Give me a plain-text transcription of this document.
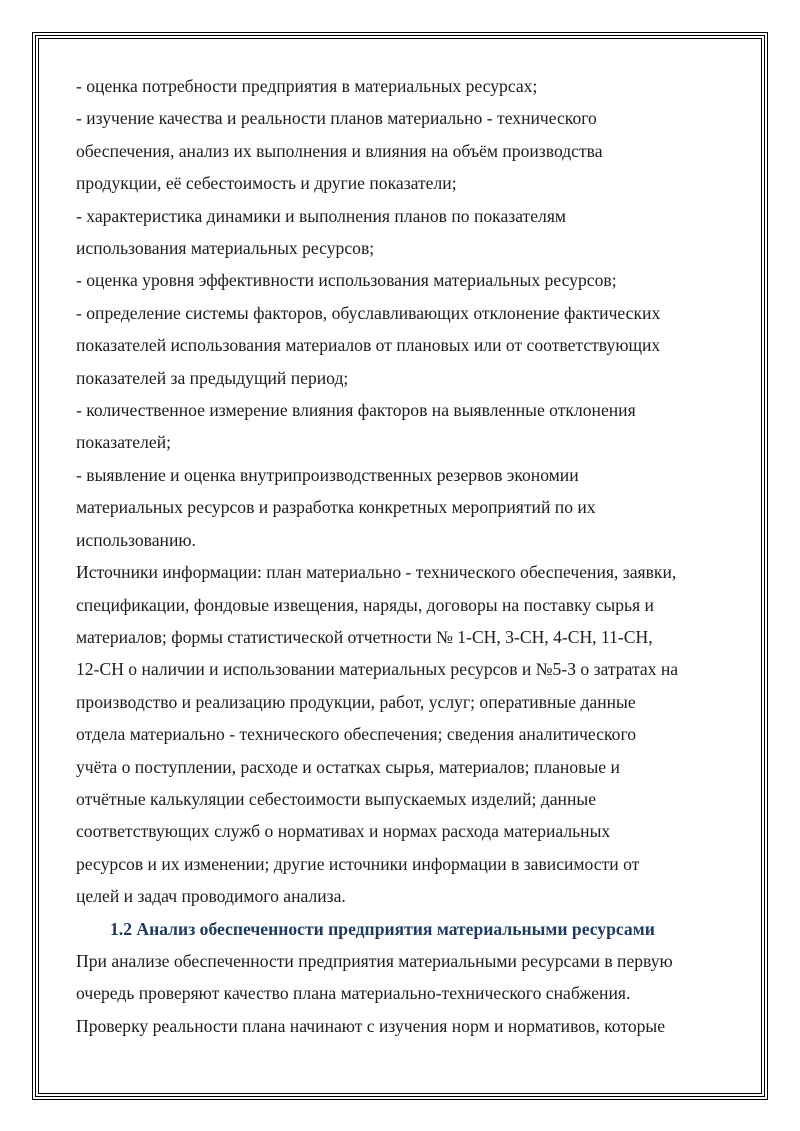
- оценка потребности предприятия в материальных ресурсах;
- изучение качества и реальности планов материально - технического
обеспечения, анализ их выполнения и влияния на объём производства
продукции, её себестоимость и другие показатели;
- характеристика динамики и выполнения планов по показателям
использования материальных ресурсов;
- оценка уровня эффективности использования материальных ресурсов;
- определение системы факторов, обуславливающих отклонение фактических
показателей использования материалов от плановых или от соответствующих
показателей за предыдущий период;
- количественное измерение влияния факторов на выявленные отклонения
показателей;
- выявление и оценка внутрипроизводственных резервов экономии
материальных ресурсов и разработка конкретных мероприятий по их
использованию.
Источники информации: план материально - технического обеспечения, заявки,
спецификации, фондовые извещения, наряды, договоры на поставку сырья и
материалов; формы статистической отчетности № 1-СН, 3-СН, 4-СН, 11-СН,
12-СН о наличии и использовании материальных ресурсов и №5-З о затратах на
производство и реализацию продукции, работ, услуг; оперативные данные
отдела материально - технического обеспечения; сведения аналитического
учёта о поступлении, расходе и остатках сырья, материалов; плановые и
отчётные калькуляции себестоимости выпускаемых изделий; данные
соответствующих служб о нормативах и нормах расхода материальных
ресурсов и их изменении; другие источники информации в зависимости от
целей и задач проводимого анализа.
1.2 Анализ обеспеченности предприятия материальными ресурсами
При анализе обеспеченности предприятия материальными ресурсами в первую
очередь проверяют качество плана материально-технического снабжения.
Проверку реальности плана начинают с изучения норм и нормативов, которые
